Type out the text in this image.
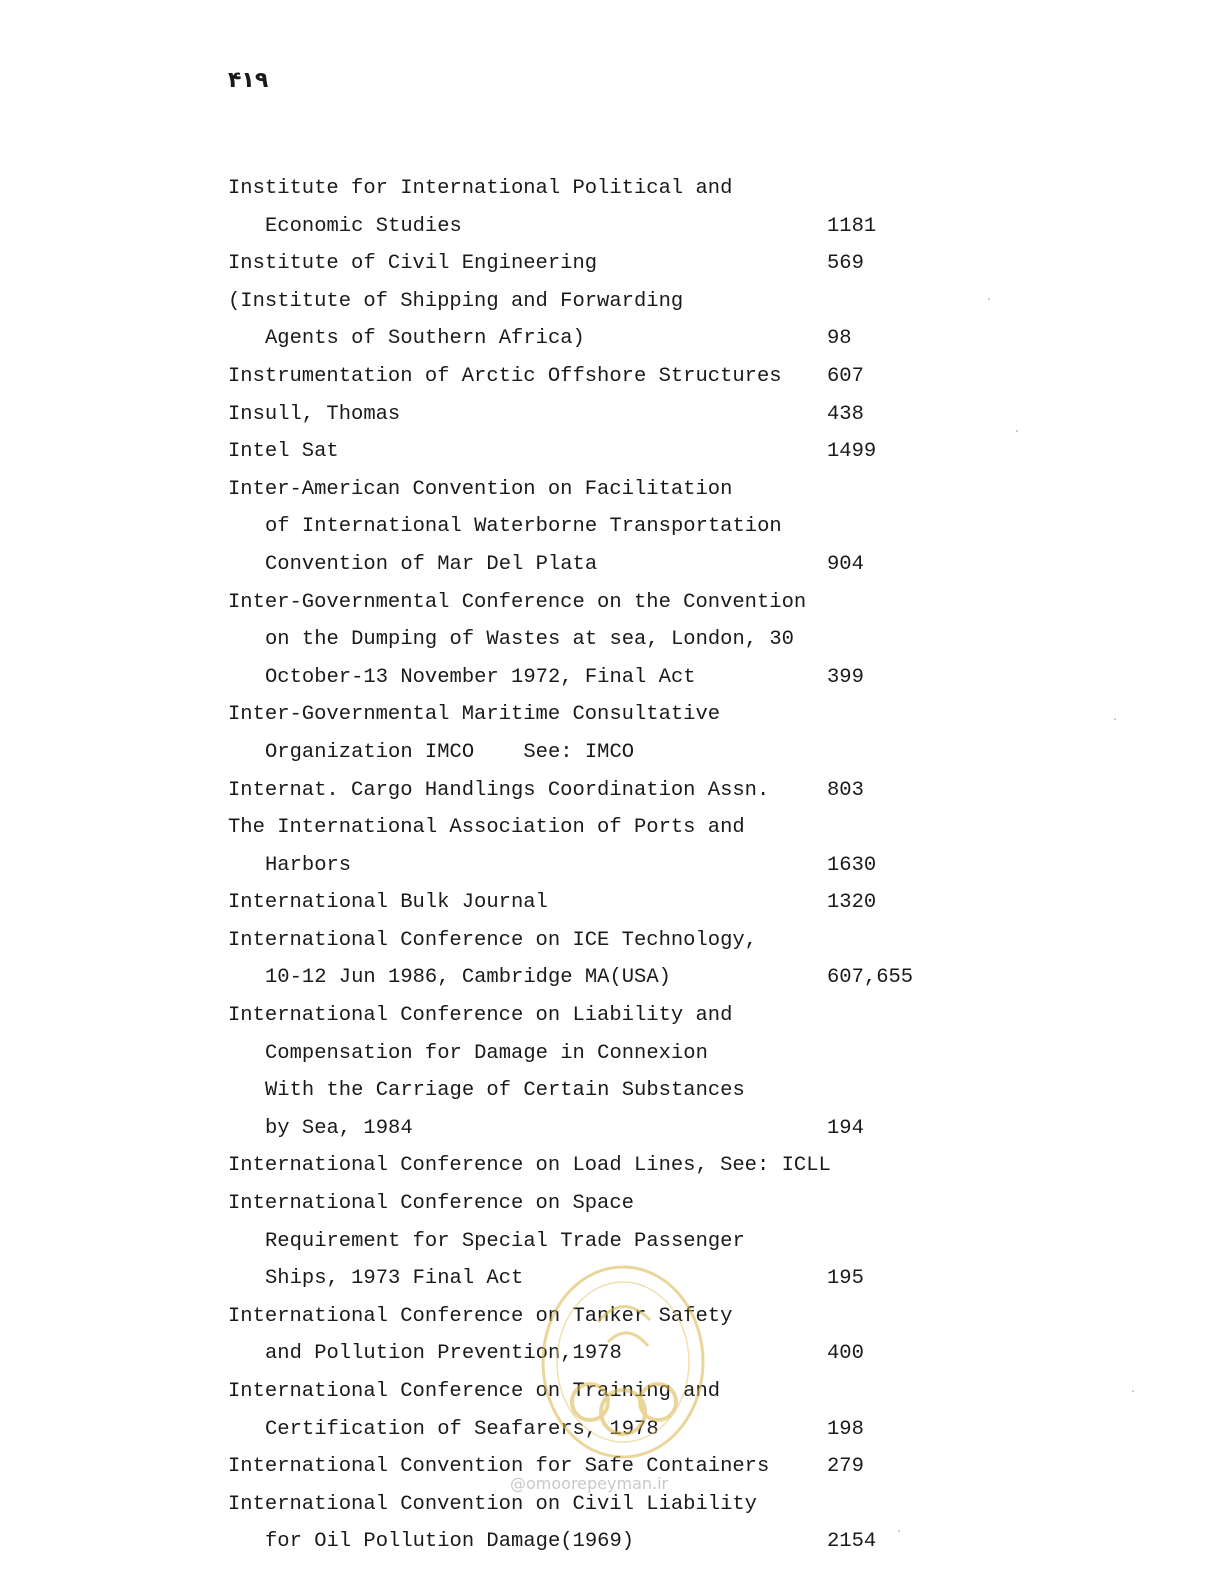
۴۱۹
Institute for International Political and
Economic Studies	1181
Institute of Civil Engineering	569
(Institute of Shipping and Forwarding
Agents of Southern Africa)	98
Instrumentation of Arctic Offshore Structures 607
Insull, Thomas	438
Intel Sat	1499
Inter-American Convention on Facilitation
of International Waterborne Transportation
Convention of Mar Del Plata	904
Inter-Governmental Conference on the Convention
on the Dumping of Wastes at sea, London, 30
October-13 November 1972, Final Act	399
Inter-Governmental Maritime Consultative
Organization IMCO    See: IMCO
Internat. Cargo Handlings Coordination Assn.	803
The International Association of Ports and
Harbors	1630
International Bulk Journal	1320
International Conference on ICE Technology,
10-12 Jun 1986, Cambridge MA(USA)	607,655
International Conference on Liability and
Compensation for Damage in Connexion
With the Carriage of Certain Substances
by Sea, 1984	194
International Conference on Load Lines, See: ICLL
International Conference on Space
Requirement for Special Trade Passenger
Ships, 1973 Final Act	195
International Conference on Tanker Safety
and Pollution Prevention,1978	400
International Conference on Training and
Certification of Seafarers, 1978	198
International Convention for Safe Containers	279
International Convention on Civil Liability
for Oil Pollution Damage(1969)	2154
@omoorepeyman.ir
